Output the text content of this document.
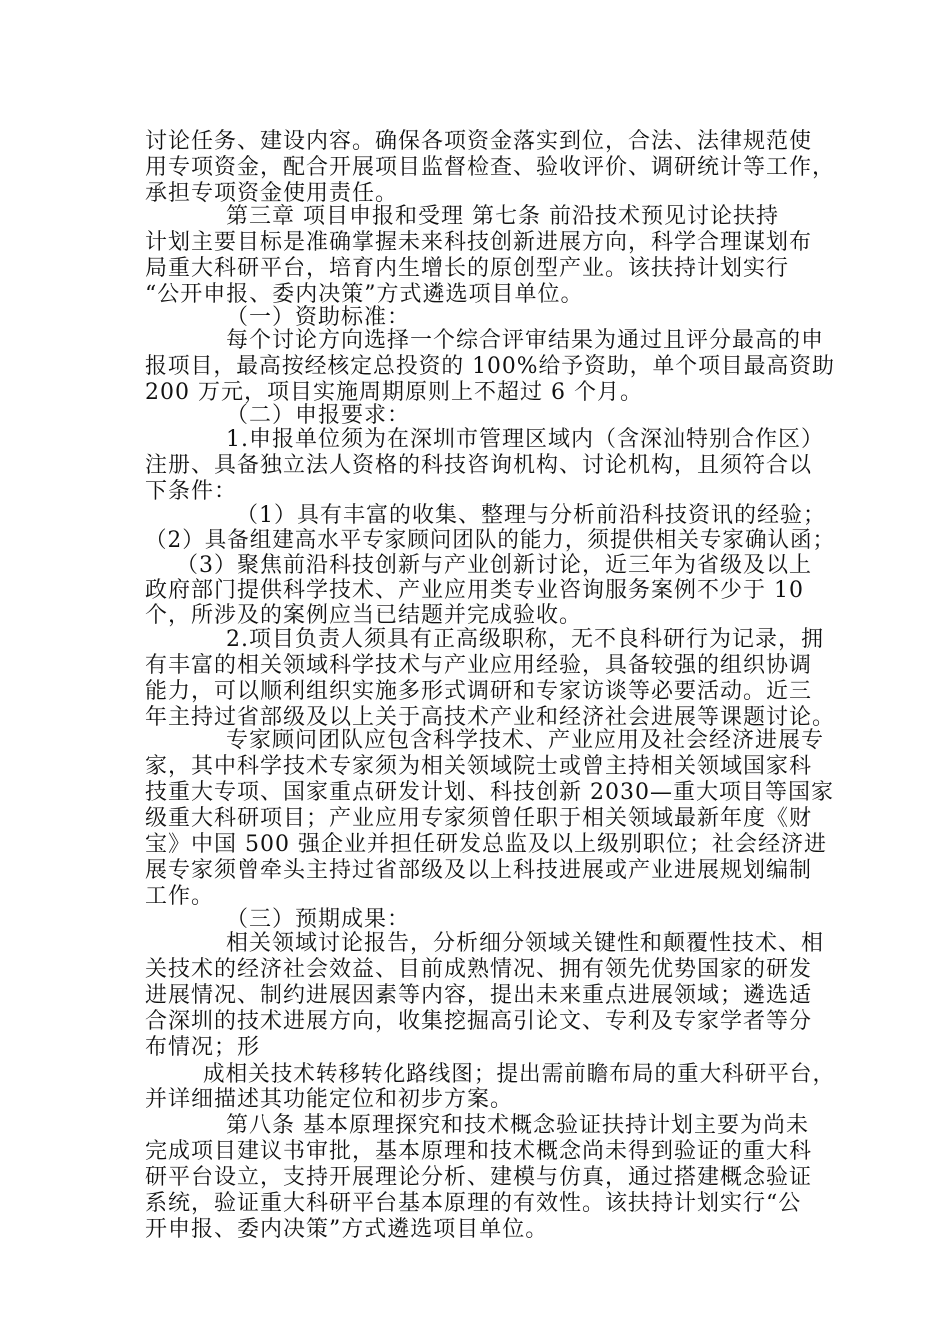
讨论任务、建设内容。确保各项资金落实到位，合法、法律规范使
用专项资金，配合开展项目监督检查、验收评价、调研统计等工作，
承担专项资金使用责任。
第三章 项目申报和受理 第七条 前沿技术预见讨论扶持
计划主要目标是准确掌握未来科技创新进展方向，科学合理谋划布
局重大科研平台，培育内生增长的原创型产业。该扶持计划实行
“公开申报、委内决策”方式遴选项目单位。
（一）资助标准：
每个讨论方向选择一个综合评审结果为通过且评分最高的申
报项目，最高按经核定总投资的 100%给予资助，单个项目最高资助
200 万元，项目实施周期原则上不超过 6 个月。
（二）申报要求：
1.申报单位须为在深圳市管理区域内（含深汕特别合作区）
注册、具备独立法人资格的科技咨询机构、讨论机构，且须符合以
下条件：
（1）具有丰富的收集、整理与分析前沿科技资讯的经验；
（2）具备组建高水平专家顾问团队的能力，须提供相关专家确认函；
（3）聚焦前沿科技创新与产业创新讨论，近三年为省级及以上
政府部门提供科学技术、产业应用类专业咨询服务案例不少于 10
个，所涉及的案例应当已结题并完成验收。
2.项目负责人须具有正高级职称，无不良科研行为记录，拥
有丰富的相关领域科学技术与产业应用经验，具备较强的组织协调
能力，可以顺利组织实施多形式调研和专家访谈等必要活动。近三
年主持过省部级及以上关于高技术产业和经济社会进展等课题讨论。
专家顾问团队应包含科学技术、产业应用及社会经济进展专
家，其中科学技术专家须为相关领域院士或曾主持相关领域国家科
技重大专项、国家重点研发计划、科技创新 2030—重大项目等国家
级重大科研项目；产业应用专家须曾任职于相关领域最新年度《财
宝》中国 500 强企业并担任研发总监及以上级别职位；社会经济进
展专家须曾牵头主持过省部级及以上科技进展或产业进展规划编制
工作。
（三）预期成果：
相关领域讨论报告，分析细分领域关键性和颠覆性技术、相
关技术的经济社会效益、目前成熟情况、拥有领先优势国家的研发
进展情况、制约进展因素等内容，提出未来重点进展领域；遴选适
合深圳的技术进展方向，收集挖掘高引论文、专利及专家学者等分
布情况；形
成相关技术转移转化路线图；提出需前瞻布局的重大科研平台，
并详细描述其功能定位和初步方案。
第八条 基本原理探究和技术概念验证扶持计划主要为尚未
完成项目建议书审批，基本原理和技术概念尚未得到验证的重大科
研平台设立，支持开展理论分析、建模与仿真，通过搭建概念验证
系统，验证重大科研平台基本原理的有效性。该扶持计划实行“公
开申报、委内决策”方式遴选项目单位。
